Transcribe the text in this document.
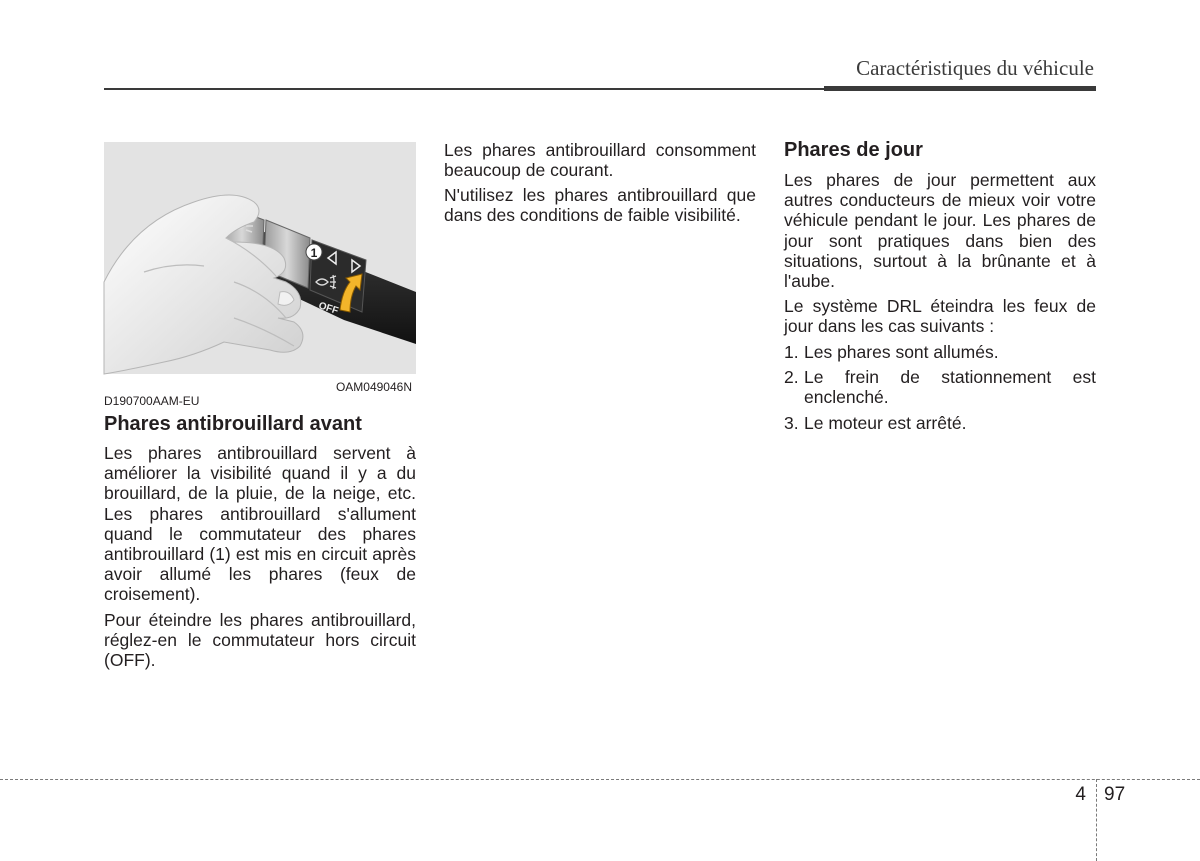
Caractéristiques du véhicule
1
OFF
OAM049046N
D190700AAM-EU
Phares antibrouillard avant

Les phares antibrouillard servent à améliorer la visibilité quand il y a du brouillard, de la pluie, de la neige, etc. Les phares antibrouillard s'allument quand le commutateur des phares antibrouillard (1) est mis en circuit après avoir allumé les phares (feux de croisement).

Pour éteindre les phares antibrouillard, réglez-en le commutateur hors circuit (OFF).

Les phares antibrouillard consomment beaucoup de courant.

N'utilisez les phares antibrouillard que dans des conditions de faible visibilité.

Phares de jour

Les phares de jour permettent aux autres conducteurs de mieux voir votre véhicule pendant le jour. Les phares de jour sont pratiques dans bien des situations, surtout à la brûnante et à l'aube.

Le système DRL éteindra les feux de jour dans les cas suivants :

1. Les phares sont allumés.
2. Le frein de stationnement est enclenché.
3. Le moteur est arrêté.
4 97
